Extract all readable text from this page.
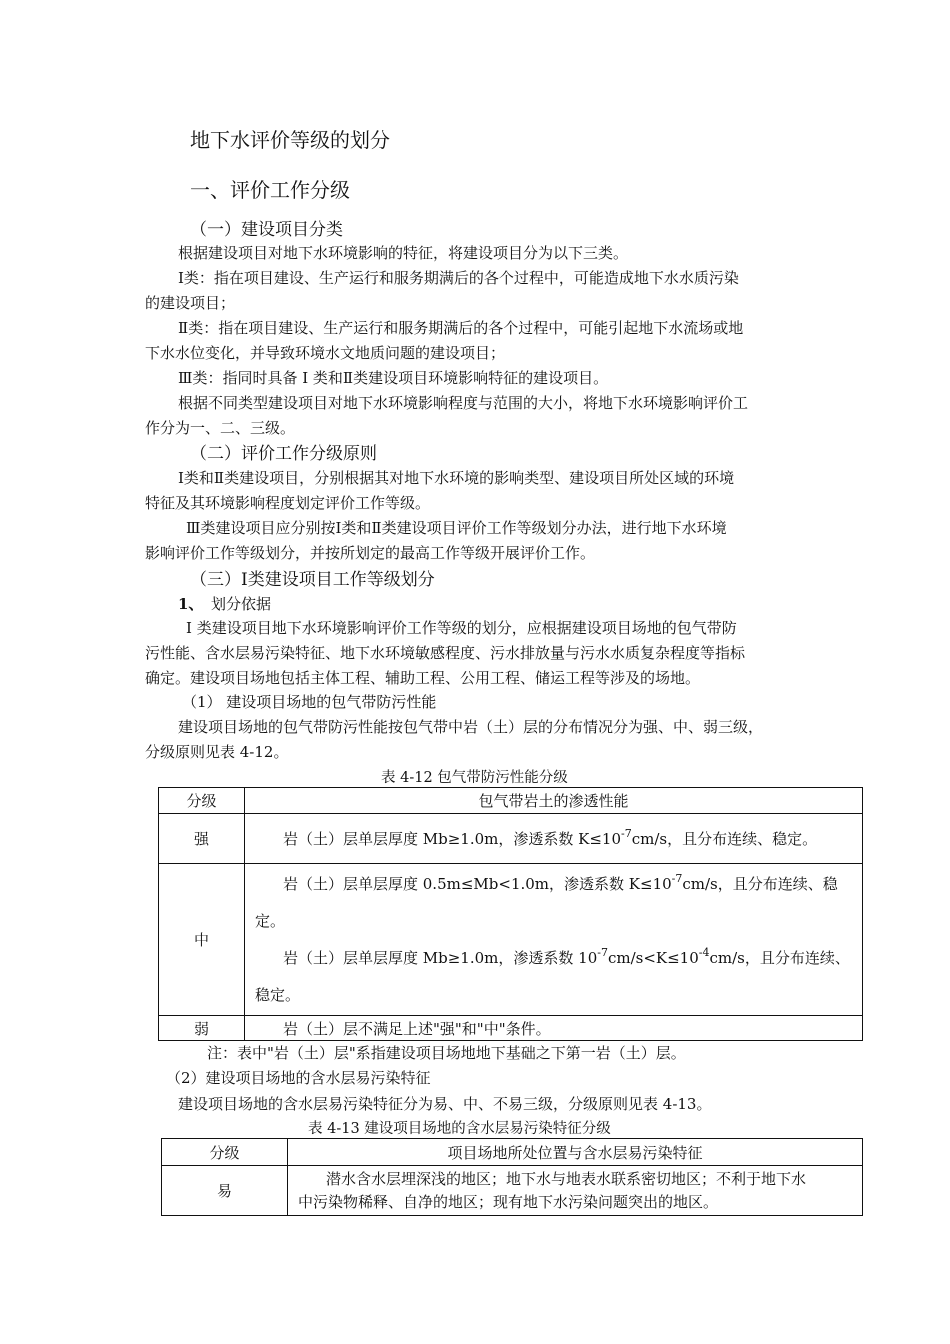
地下水评价等级的划分
一、评价工作分级
（一）建设项目分类
根据建设项目对地下水环境影响的特征，将建设项目分为以下三类。
Ⅰ类：指在项目建设、生产运行和服务期满后的各个过程中，可能造成地下水水质污染
的建设项目；
Ⅱ类：指在项目建设、生产运行和服务期满后的各个过程中，可能引起地下水流场或地
下水水位变化，并导致环境水文地质问题的建设项目；
Ⅲ类：指同时具备 Ⅰ 类和Ⅱ类建设项目环境影响特征的建设项目。
根据不同类型建设项目对地下水环境影响程度与范围的大小，将地下水环境影响评价工
作分为一、二、三级。
（二）评价工作分级原则
Ⅰ类和Ⅱ类建设项目，分别根据其对地下水环境的影响类型、建设项目所处区域的环境
特征及其环境影响程度划定评价工作等级。
Ⅲ类建设项目应分别按Ⅰ类和Ⅱ类建设项目评价工作等级划分办法，进行地下水环境
影响评价工作等级划分，并按所划定的最高工作等级开展评价工作。
（三）Ⅰ类建设项目工作等级划分
1、 划分依据
Ⅰ 类建设项目地下水环境影响评价工作等级的划分，应根据建设项目场地的包气带防
污性能、含水层易污染特征、地下水环境敏感程度、污水排放量与污水水质复杂程度等指标
确定。建设项目场地包括主体工程、辅助工程、公用工程、储运工程等涉及的场地。
（1） 建设项目场地的包气带防污性能
建设项目场地的包气带防污性能按包气带中岩（土）层的分布情况分为强、中、弱三级，
分级原则见表 4-12。
表 4-12 包气带防污性能分级
分级	包气带岩土的渗透性能
强	岩（土）层单层厚度 Mb≥1.0m，渗透系数 $K\le 10^{-7}cm/s$，且分布连续、稳定。
中	岩（土）层单层厚度 0.5m≤Mb<1.0m，渗透系数 $K\le 10^{-7}cm/s$，且分布连续、稳
定。
岩（土）层单层厚度 Mb≥1.0m，渗透系数 $10^{-7}cm/s<K\le 10^{-4}cm/s$，且分布连续、
稳定。

弱	岩（土）层不满足上述"强"和"中"条件。
注：表中"岩（土）层"系指建设项目场地地下基础之下第一岩（土）层。
（2）建设项目场地的含水层易污染特征
建设项目场地的含水层易污染特征分为易、中、不易三级，分级原则见表 4-13。
表 4-13 建设项目场地的含水层易污染特征分级
分级	项目场地所处位置与含水层易污染特征
易	潜水含水层埋深浅的地区；地下水与地表水联系密切地区；不利于地下水
中污染物稀释、自净的地区；现有地下水污染问题突出的地区。
